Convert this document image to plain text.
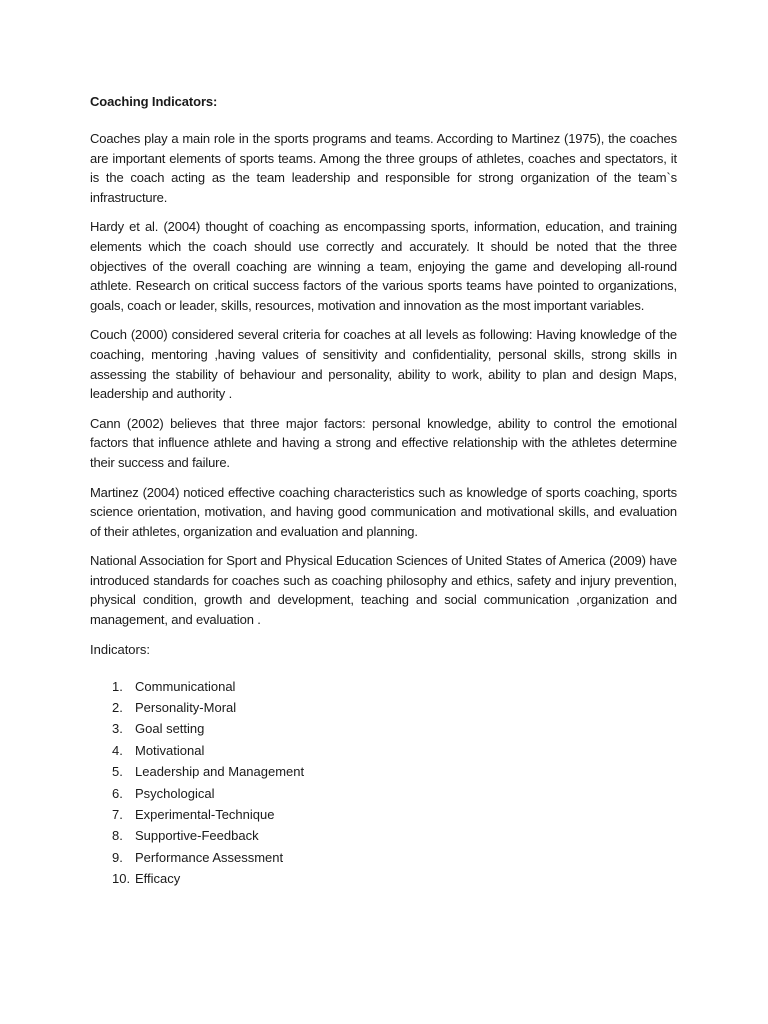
Coaching Indicators:

Coaches play a main role in the sports programs and teams. According to Martinez (1975), the coaches are important elements of sports teams. Among the three groups of athletes, coaches and spectators, it is the coach acting as the team leadership and responsible for strong organization of the team`s infrastructure.

Hardy et al. (2004) thought of coaching as encompassing sports, information, education, and training elements which the coach should use correctly and accurately. It should be noted that the three objectives of the overall coaching are winning a team, enjoying the game and developing all-round athlete. Research on critical success factors of the various sports teams have pointed to organizations, goals, coach or leader, skills, resources, motivation and innovation as the most important variables.

Couch (2000) considered several criteria for coaches at all levels as following: Having knowledge of the coaching, mentoring ,having values of sensitivity and confidentiality, personal skills, strong skills in assessing the stability of behaviour and personality, ability to work, ability to plan and design Maps, leadership and authority .

Cann (2002) believes that three major factors: personal knowledge, ability to control the emotional factors that influence athlete and having a strong and effective relationship with the athletes determine their success and failure.

Martinez (2004) noticed effective coaching characteristics such as knowledge of sports coaching, sports science orientation, motivation, and having good communication and motivational skills, and evaluation of their athletes, organization and evaluation and planning.

National Association for Sport and Physical Education Sciences of United States of America (2009) have introduced standards for coaches such as coaching philosophy and ethics, safety and injury prevention, physical condition, growth and development, teaching and social communication ,organization and management, and evaluation .

Indicators:
1. Communicational
2. Personality-Moral
3. Goal setting
4. Motivational
5. Leadership and Management
6. Psychological
7. Experimental-Technique
8. Supportive-Feedback
9. Performance Assessment
10. Efficacy
